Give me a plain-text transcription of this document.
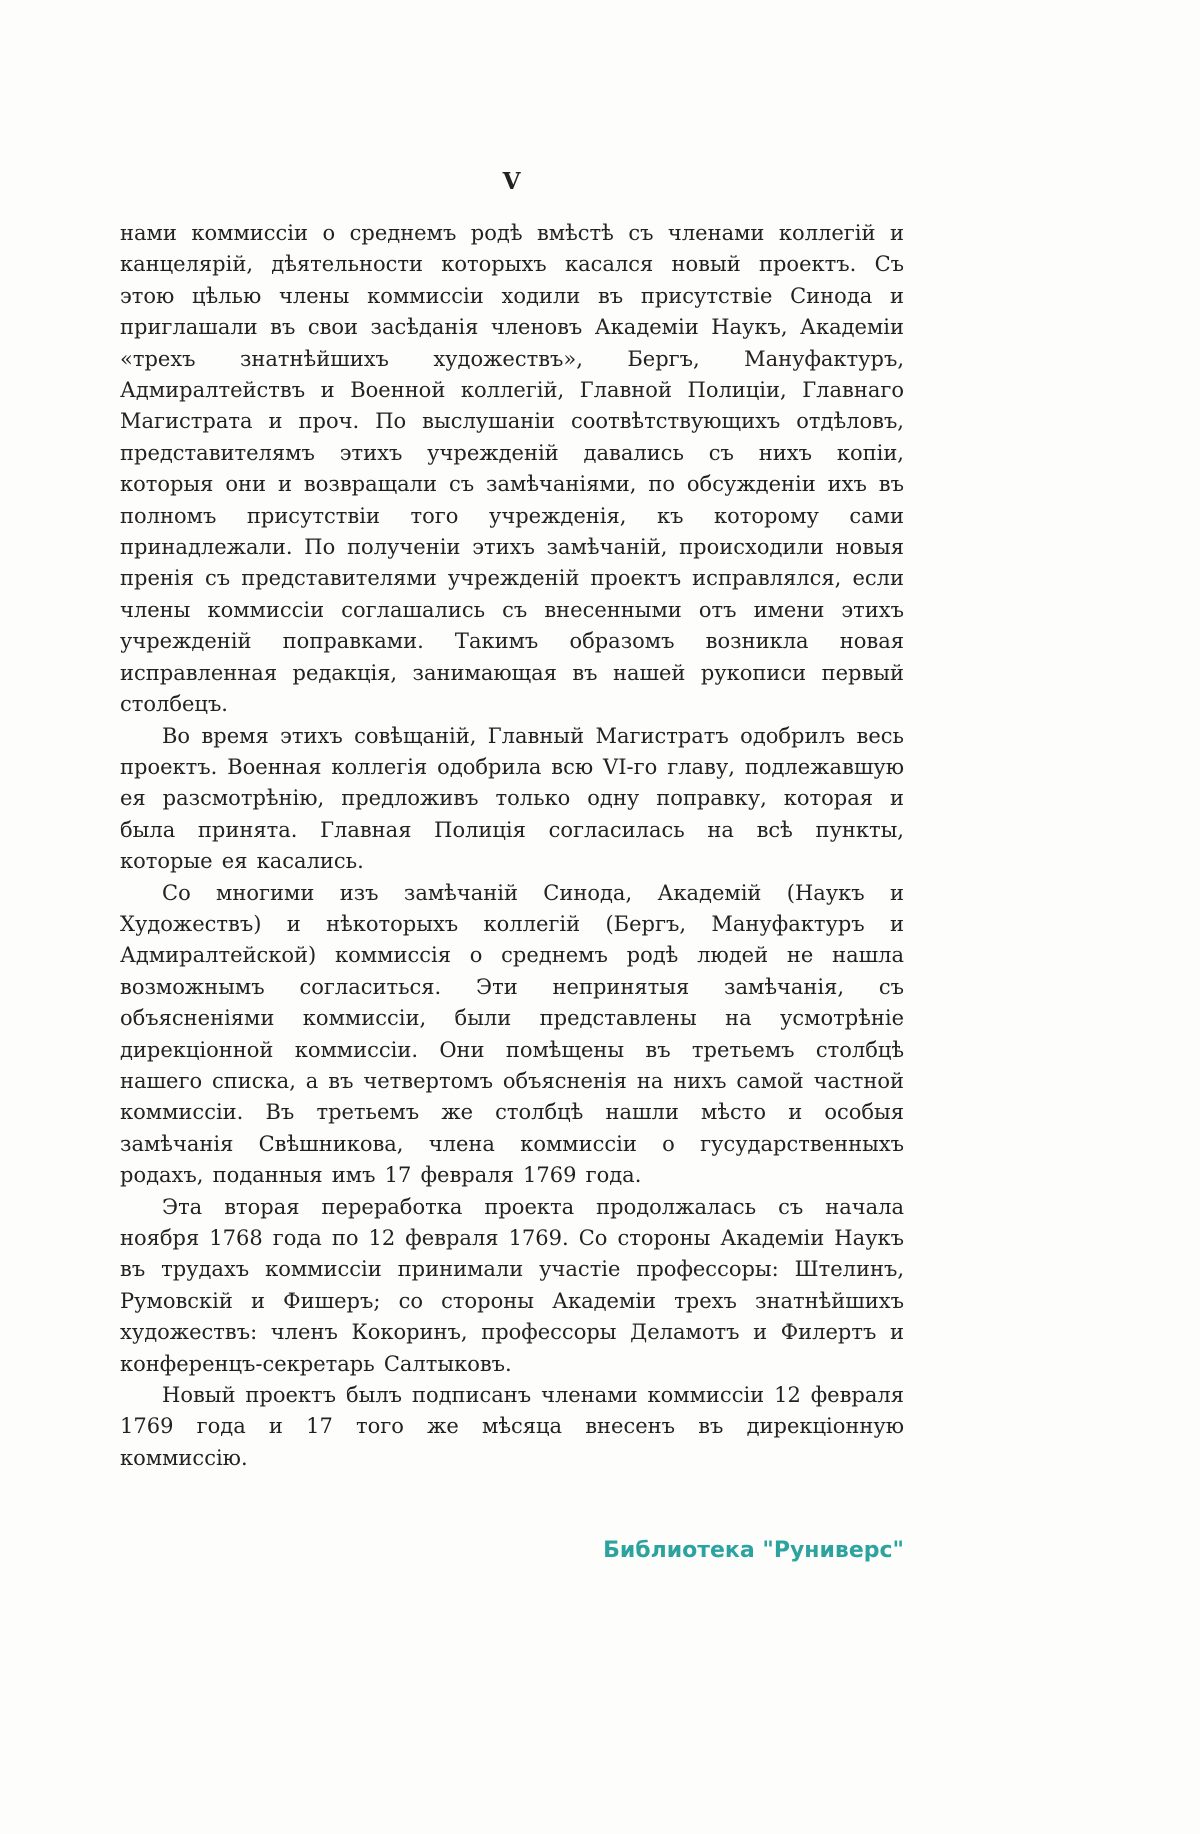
V

нами коммиссіи о среднемъ родѣ вмѣстѣ съ членами коллегій и канцелярій, дѣятельности которыхъ касался новый проектъ. Съ этою цѣлью члены коммиссіи ходили въ присутствіе Синода и приглашали въ свои засѣданія членовъ Академіи Наукъ, Академіи «трехъ знатнѣйшихъ художествъ», Бергъ, Мануфактуръ, Адмиралтействъ и Военной коллегій, Главной Полиціи, Главнаго Магистрата и проч. По выслушаніи соотвѣтствующихъ отдѣловъ, представителямъ этихъ учрежденій давались съ нихъ копіи, которыя они и возвращали съ замѣчаніями, по обсужденіи ихъ въ полномъ присутствіи того учрежденія, къ которому сами принадлежали. По полученіи этихъ замѣчаній, происходили новыя пренія съ представителями учрежденій проектъ исправлялся, если члены коммиссіи соглашались съ внесенными отъ имени этихъ учрежденій поправками. Такимъ образомъ возникла новая исправленная редакція, занимающая въ нашей рукописи первый столбецъ.

Во время этихъ совѣщаній, Главный Магистратъ одобрилъ весь проектъ. Военная коллегія одобрила всю VI-го главу, подлежавшую ея разсмотрѣнію, предложивъ только одну поправку, которая и была принята. Главная Полиція согласилась на всѣ пункты, которые ея касались.

Со многими изъ замѣчаній Синода, Академій (Наукъ и Художествъ) и нѣкоторыхъ коллегій (Бергъ, Мануфактуръ и Адмиралтейской) коммиссія о среднемъ родѣ людей не нашла возможнымъ согласиться. Эти непринятыя замѣчанія, съ объясненіями коммиссіи, были представлены на усмотрѣніе дирекціонной коммиссіи. Они помѣщены въ третьемъ столбцѣ нашего списка, а въ четвертомъ объясненія на нихъ самой частной коммиссіи. Въ третьемъ же столбцѣ нашли мѣсто и особыя замѣчанія Свѣшникова, члена коммиссіи о гусударственныхъ родахъ, поданныя имъ 17 февраля 1769 года.

Эта вторая переработка проекта продолжалась съ начала ноября 1768 года по 12 февраля 1769. Со стороны Академіи Наукъ въ трудахъ коммиссіи принимали участіе профессоры: Штелинъ, Румовскій и Фишеръ; со стороны Академіи трехъ знатнѣйшихъ художествъ: членъ Кокоринъ, профессоры Деламотъ и Филертъ и конференцъ-секретарь Салтыковъ.

Новый проектъ былъ подписанъ членами коммиссіи 12 февраля 1769 года и 17 того же мѣсяца внесенъ въ дирекціонную коммиссію.

Библиотека "Руниверс"
